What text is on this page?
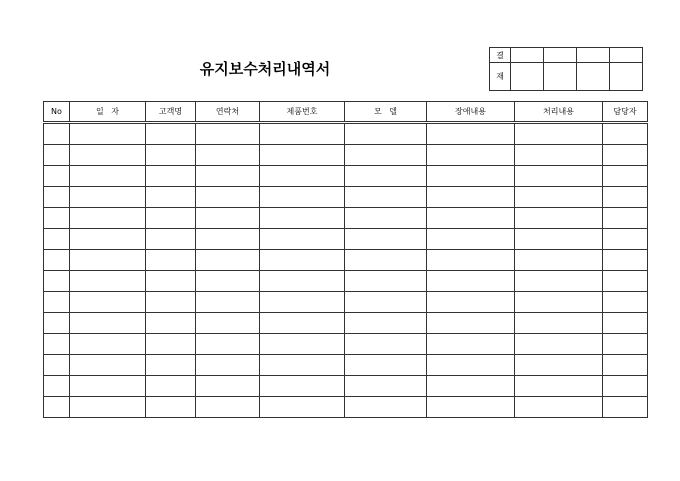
유지보수처리내역서
결				
재				
No	일   자	고객명	연락처	제품번호	모   델	장애내용	처리내용	담당자
